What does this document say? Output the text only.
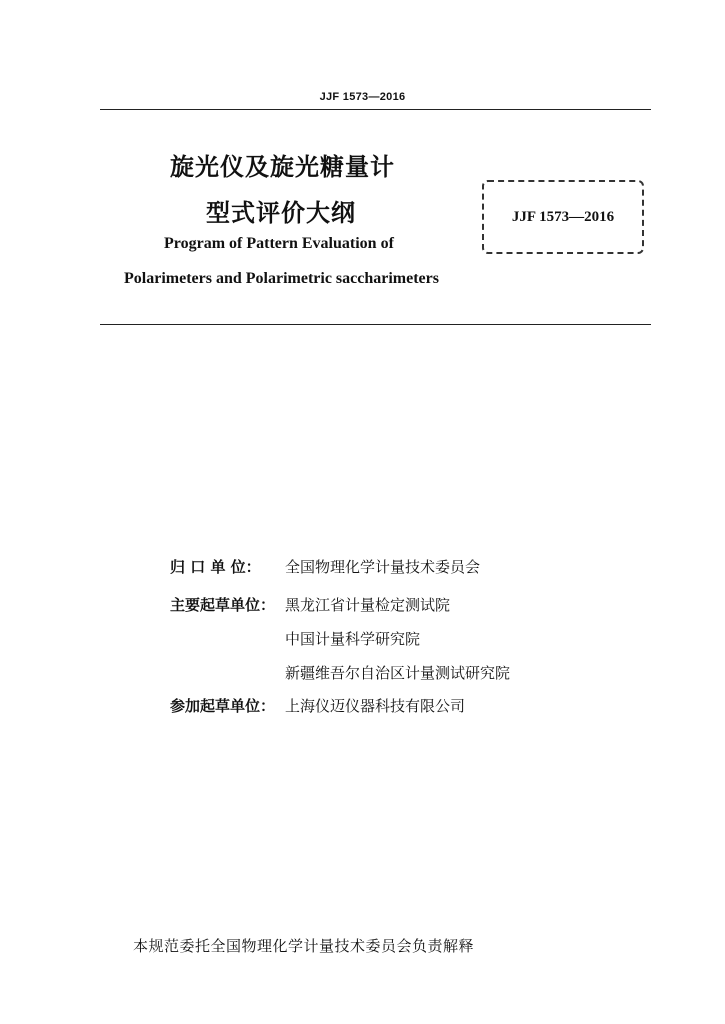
JJF 1573—2016
旋光仪及旋光糖量计
型式评价大纲
Program of Pattern Evaluation of
Polarimeters and Polarimetric saccharimeters
JJF 1573—2016
归 口 单 位： 全国物理化学计量技术委员会
主要起草单位： 黑龙江省计量检定测试院
中国计量科学研究院
新疆维吾尔自治区计量测试研究院
参加起草单位： 上海仪迈仪器科技有限公司
本规范委托全国物理化学计量技术委员会负责解释
